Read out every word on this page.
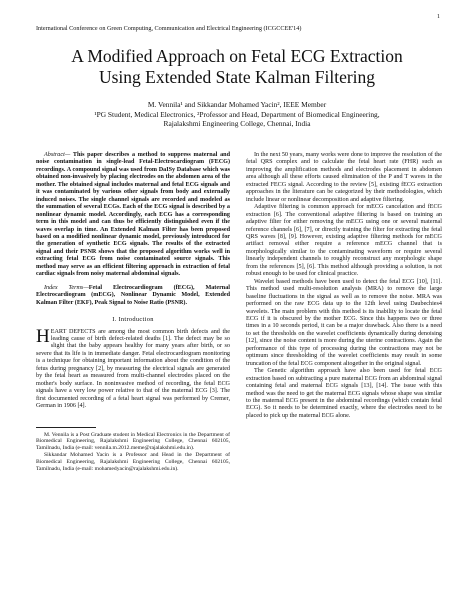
1
International Conference on Green Computing, Communication and Electrical Engineering (ICGCCEE'14)
A Modified Approach on Fetal ECG Extraction
Using Extended State Kalman Filtering
M. Vennila¹ and Sikkandar Mohamed Yacin², IEEE Member
¹PG Student, Medical Electronics, ²Professor and Head, Department of Biomedical Engineering,
Rajalakshmi Engineering College, Chennai, India

Abstract— This paper describes a method to suppress maternal and noise contamination in single-lead Fetal-Electrocardiogram (FECG) recordings. A compound signal was used from DaISy Database which was obtained non-invasively by placing electrodes on the abdomen area of the mother. The obtained signal includes maternal and fetal ECG signals and it was contaminated by various other signals from body and externally induced noises. The single channel signals are recorded and modeled as the summation of several ECGs. Each of the ECG signal is described by a nonlinear dynamic model. Accordingly, each ECG has a corresponding term in this model and can thus be efficiently distinguished even if the waves overlap in time. An Extended Kalman Filter has been proposed based on a modified nonlinear dynamic model, previously introduced for the generation of synthetic ECG signals. The results of the extracted signal and their PSNR shows that the proposed algorithm works well in extracting fetal ECG from noise contaminated source signals. This method may serve as an efficient filtering approach in extraction of fetal cardiac signals from noisy maternal abdominal signals.

Index Terms—Fetal Electrocardiogram (fECG), Maternal Electrocardiogram (mECG), Nonlinear Dynamic Model, Extended Kalman Filter (EKF), Peak Signal to Noise Ratio (PSNR).

I. Introduction

HEART DEFECTS are among the most common birth defects and the leading cause of birth defect-related deaths [1]. The defect may be so slight that the baby appears healthy for many years after birth, or so severe that its life is in immediate danger. Fetal electrocardiogram monitoring is a technique for obtaining important information about the condition of the fetus during pregnancy [2], by measuring the electrical signals are generated by the fetal heart as measured from multi-channel electrodes placed on the mother's body surface. In noninvasive method of recording, the fetal ECG signals have a very low power relative to that of the maternal ECG [3]. The first documented recording of a fetal heart signal was performed by Cremer, German in 1906 [4].

M. Vennila is a Post Graduate student in Medical Electronics in the Department of Biomedical Engineering, Rajalakshmi Engineering College, Chennai 602105, Tamilnadu, India (e-mail: vennila.m.2012.meme@rajalakshmi.edu.in).

Sikkandar Mohamed Yacin is a Professor and Head in the Department of Biomedical Engineering, Rajalakshmi Engineering College, Chennai 602105, Tamilnadu, India (e-mail: mohamedyacin@rajalakshmi.edu.in).

In the next 50 years, many works were done to improve the resolution of the fetal QRS complex and to calculate the fetal heart rate (FHR) such as improving the amplification methods and electrodes placement in abdomen area although all these efforts caused elimination of the P and T waves in the extracted FECG signal. According to the review [5], existing fECG extraction approaches in the literature can be categorized by their methodologies, which include linear or nonlinear decomposition and adaptive filtering.

Adaptive filtering is common approach for mECG cancelation and fECG extraction [6]. The conventional adaptive filtering is based on training an adaptive filter for either removing the mECG using one or several maternal reference channels [6], [7], or directly training the filter for extracting the fetal QRS waves [8], [9]. However, existing adaptive filtering methods for mECG artifact removal either require a reference mECG channel that is morphologically similar to the contaminating waveform or require several linearly independent channels to roughly reconstruct any morphologic shape from the references [5], [6]. This method although providing a solution, is not robust enough to be used for clinical practice.

Wavelet based methods have been used to detect the fetal ECG [10], [11]. This method used multi-resolution analysis (MRA) to remove the large baseline fluctuations in the signal as well as to remove the noise. MRA was performed on the raw ECG data up to the 12th level using Daubechies4 wavelets. The main problem with this method is its inability to locate the fetal ECG if it is obscured by the mother ECG. Since this happens two or three times in a 10 seconds period, it can be a major drawback. Also there is a need to set the thresholds on the wavelet coefficients dynamically during denoising [12], since the noise content is more during the uterine contractions. Again the performance of this type of processing during the contractions may not be optimum since thresholding of the wavelet coefficients may result in some truncation of the fetal ECG component altogether in the original signal.

The Genetic algorithm approach have also been used for fetal ECG extraction based on subtracting a pure maternal ECG from an abdominal signal containing fetal and maternal ECG signals [13], [14]. The issue with this method was the need to get the maternal ECG signals whose shape was similar to the maternal ECG present in the abdominal recordings (which contain fetal ECG). So it needs to be determined exactly, where the electrodes need to be placed to pick up the maternal ECG alone.
